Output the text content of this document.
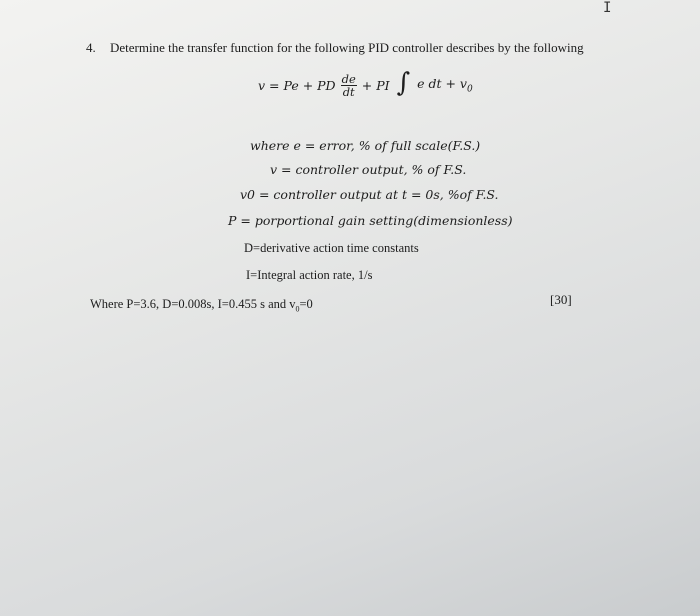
I
4. Determine the transfer function for the following PID controller describes by the following
v = Pe + PD $\frac{de}{dt}$ + PI ∫ e dt + $v_0$
where e = error, % of full scale(F.S.)
v = controller output, % of F.S.
v0 = controller output at t = 0s, %of F.S.
P = porportional gain setting(dimensionless)
D=derivative action time constants
I=Integral action rate, 1/s
Where P=3.6, D=0.008s, I=0.455 s and $v_0=0$	[30]
